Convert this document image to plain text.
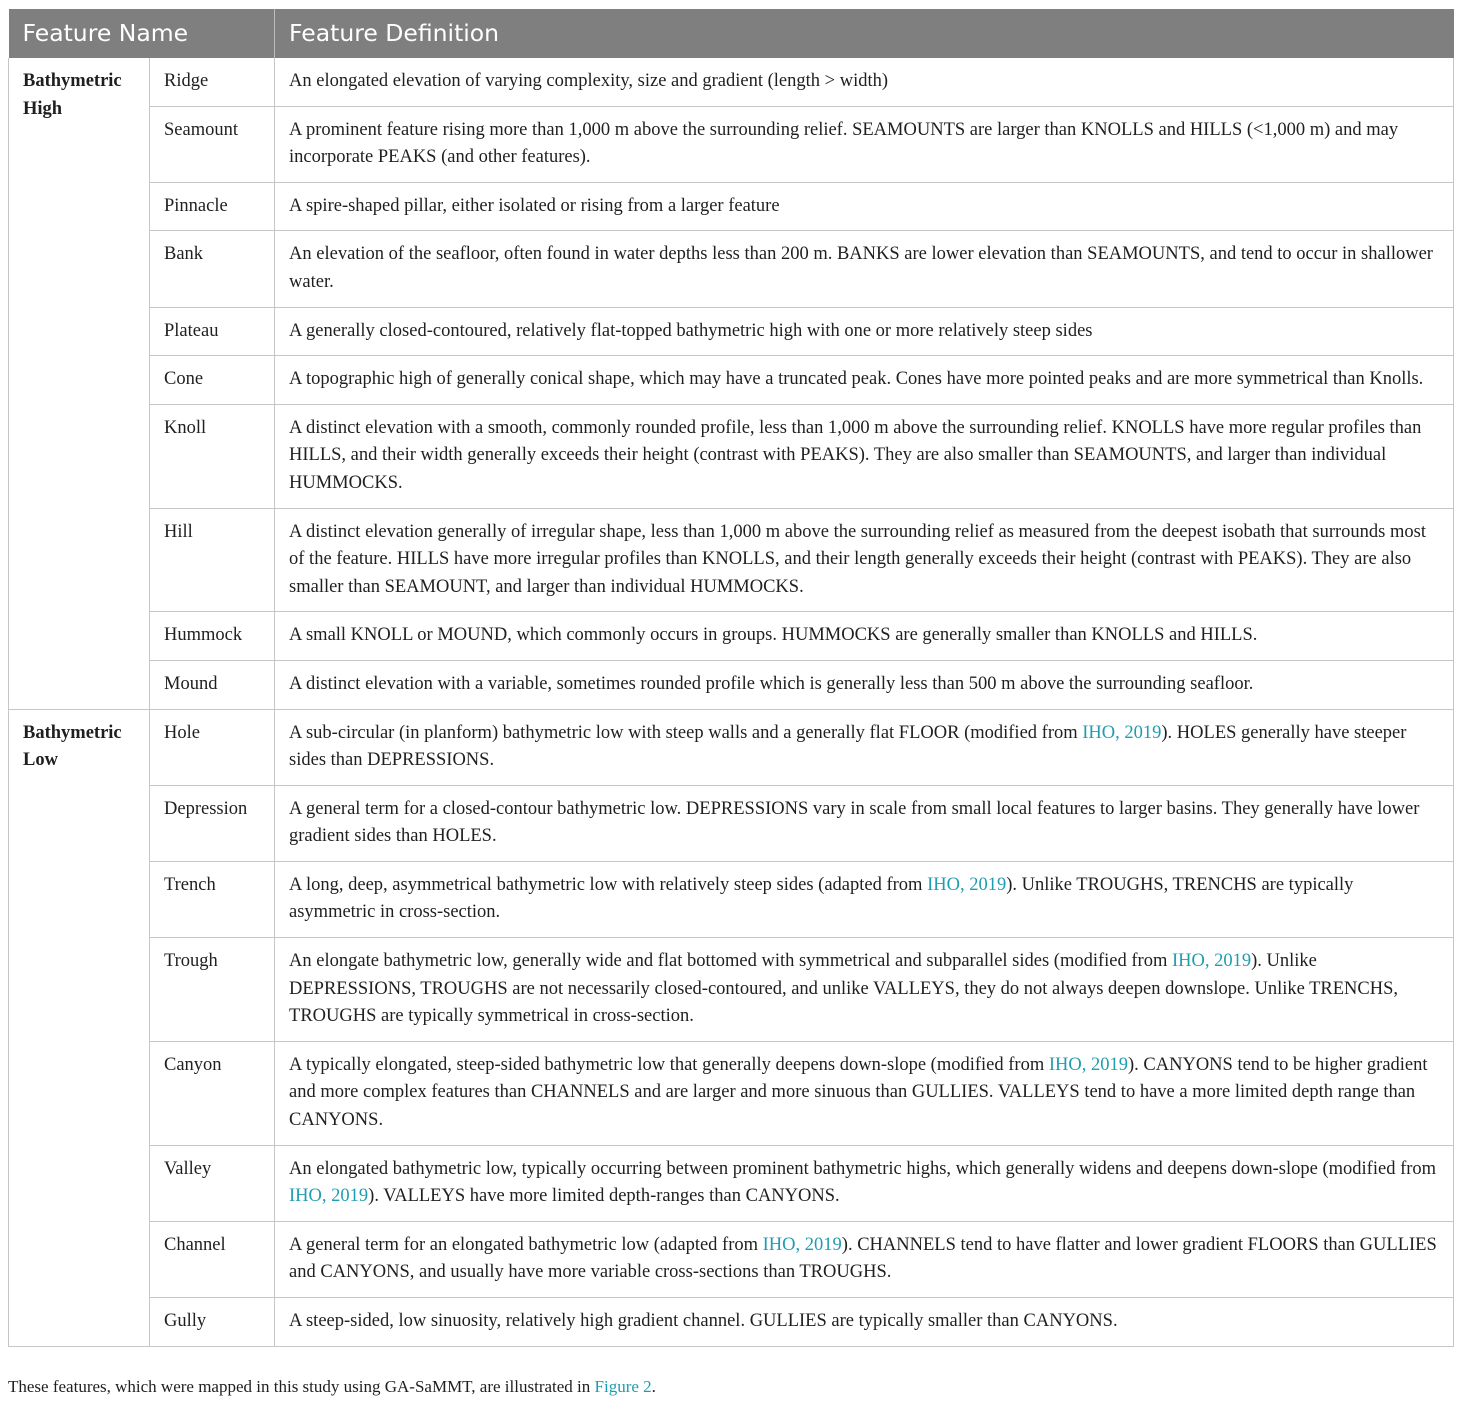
Feature Name		Feature Definition
Bathymetric High	Ridge	An elongated elevation of varying complexity, size and gradient (length > width)
	Seamount	A prominent feature rising more than 1,000 m above the surrounding relief. SEAMOUNTS are larger than KNOLLS and HILLS (<1,000 m) and may incorporate PEAKS (and other features).
	Pinnacle	A spire-shaped pillar, either isolated or rising from a larger feature
	Bank	An elevation of the seafloor, often found in water depths less than 200 m. BANKS are lower elevation than SEAMOUNTS, and tend to occur in shallower water.
	Plateau	A generally closed-contoured, relatively flat-topped bathymetric high with one or more relatively steep sides
	Cone	A topographic high of generally conical shape, which may have a truncated peak. Cones have more pointed peaks and are more symmetrical than Knolls.
	Knoll	A distinct elevation with a smooth, commonly rounded profile, less than 1,000 m above the surrounding relief. KNOLLS have more regular profiles than HILLS, and their width generally exceeds their height (contrast with PEAKS). They are also smaller than SEAMOUNTS, and larger than individual HUMMOCKS.
	Hill	A distinct elevation generally of irregular shape, less than 1,000 m above the surrounding relief as measured from the deepest isobath that surrounds most of the feature. HILLS have more irregular profiles than KNOLLS, and their length generally exceeds their height (contrast with PEAKS). They are also smaller than SEAMOUNT, and larger than individual HUMMOCKS.
	Hummock	A small KNOLL or MOUND, which commonly occurs in groups. HUMMOCKS are generally smaller than KNOLLS and HILLS.
	Mound	A distinct elevation with a variable, sometimes rounded profile which is generally less than 500 m above the surrounding seafloor.
Bathymetric Low	Hole	A sub-circular (in planform) bathymetric low with steep walls and a generally flat FLOOR (modified from IHO, 2019). HOLES generally have steeper sides than DEPRESSIONS.
	Depression	A general term for a closed-contour bathymetric low. DEPRESSIONS vary in scale from small local features to larger basins. They generally have lower gradient sides than HOLES.
	Trench	A long, deep, asymmetrical bathymetric low with relatively steep sides (adapted from IHO, 2019). Unlike TROUGHS, TRENCHS are typically asymmetric in cross-section.
	Trough	An elongate bathymetric low, generally wide and flat bottomed with symmetrical and subparallel sides (modified from IHO, 2019). Unlike DEPRESSIONS, TROUGHS are not necessarily closed-contoured, and unlike VALLEYS, they do not always deepen downslope. Unlike TRENCHS, TROUGHS are typically symmetrical in cross-section.
	Canyon	A typically elongated, steep-sided bathymetric low that generally deepens down-slope (modified from IHO, 2019). CANYONS tend to be higher gradient and more complex features than CHANNELS and are larger and more sinuous than GULLIES. VALLEYS tend to have a more limited depth range than CANYONS.
	Valley	An elongated bathymetric low, typically occurring between prominent bathymetric highs, which generally widens and deepens down-slope (modified from IHO, 2019). VALLEYS have more limited depth-ranges than CANYONS.
	Channel	A general term for an elongated bathymetric low (adapted from IHO, 2019). CHANNELS tend to have flatter and lower gradient FLOORS than GULLIES and CANYONS, and usually have more variable cross-sections than TROUGHS.
	Gully	A steep-sided, low sinuosity, relatively high gradient channel. GULLIES are typically smaller than CANYONS.
These features, which were mapped in this study using GA-SaMMT, are illustrated in Figure 2.
